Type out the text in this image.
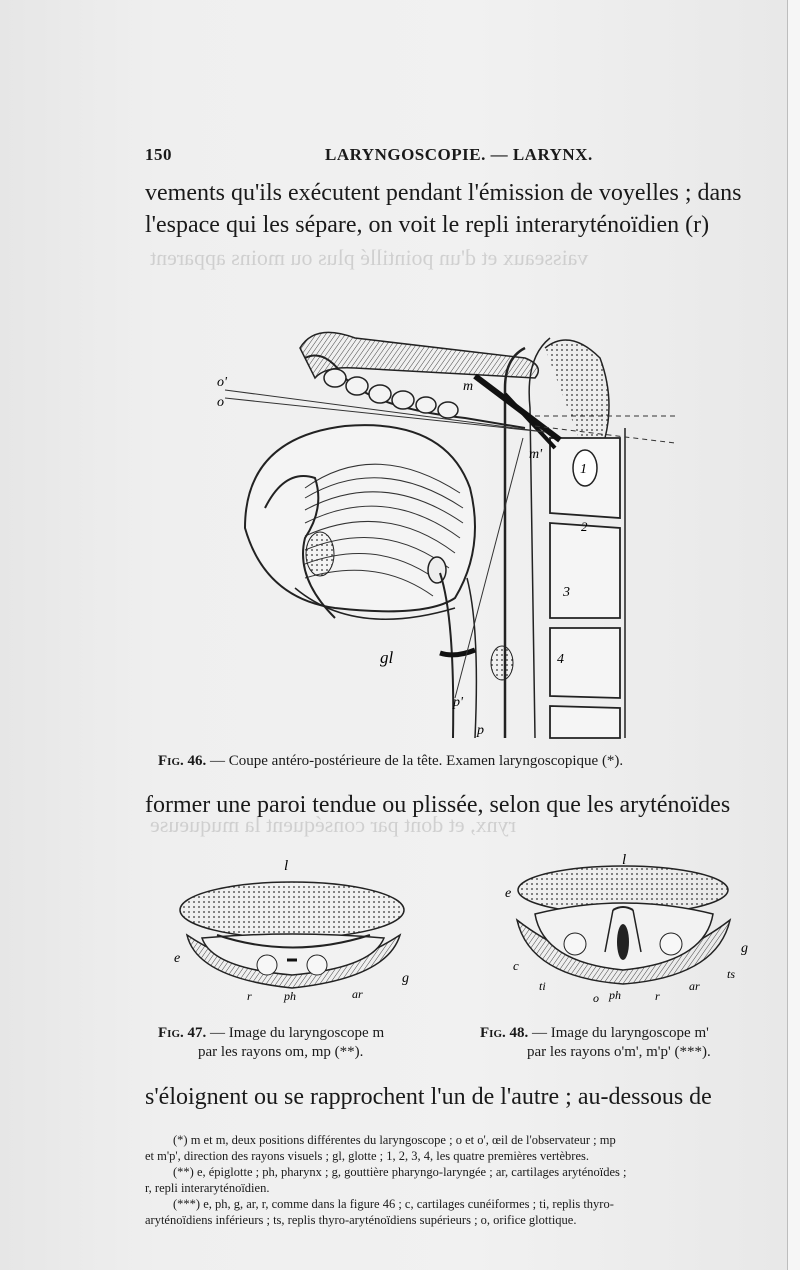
vaisseaux et d'un pointillé plus ou moins apparent
rynx, et dont par conséquent la muqueuse
150	LARYNGOSCOPIE. — LARYNX.
vements qu'ils exécutent pendant l'émission de voyelles ; dans
l'espace qui les sépare, on voit le repli interaryténoïdien (r)
o'
o
m
m'
1
2
3
4
gl
p'
p
Fig. 46. — Coupe antéro-postérieure de la tête. Examen laryngoscopique (*).
former une paroi tendue ou plissée, selon que les aryténoïdes
l
e
g
r	ph	ar
l
e
g
c
ts
ti
o ph	r
ar
Fig. 47. — Image du laryngoscope m
par les rayons om, mp (**).
Fig. 48. — Image du laryngoscope m'
par les rayons o'm', m'p' (***).
s'éloignent ou se rapprochent l'un de l'autre ; au-dessous de
(*) m et m, deux positions différentes du laryngoscope ; o et o', œil de l'observateur ; mp
et m'p', direction des rayons visuels ; gl, glotte ; 1, 2, 3, 4, les quatre premières vertèbres.
(**) e, épiglotte ; ph, pharynx ; g, gouttière pharyngo-laryngée ; ar, cartilages aryténoïdes ;
r, repli interaryténoïdien.
(***) e, ph, g, ar, r, comme dans la figure 46 ; c, cartilages cunéiformes ; ti, replis thyro-
aryténoïdiens inférieurs ; ts, replis thyro-aryténoïdiens supérieurs ; o, orifice glottique.
